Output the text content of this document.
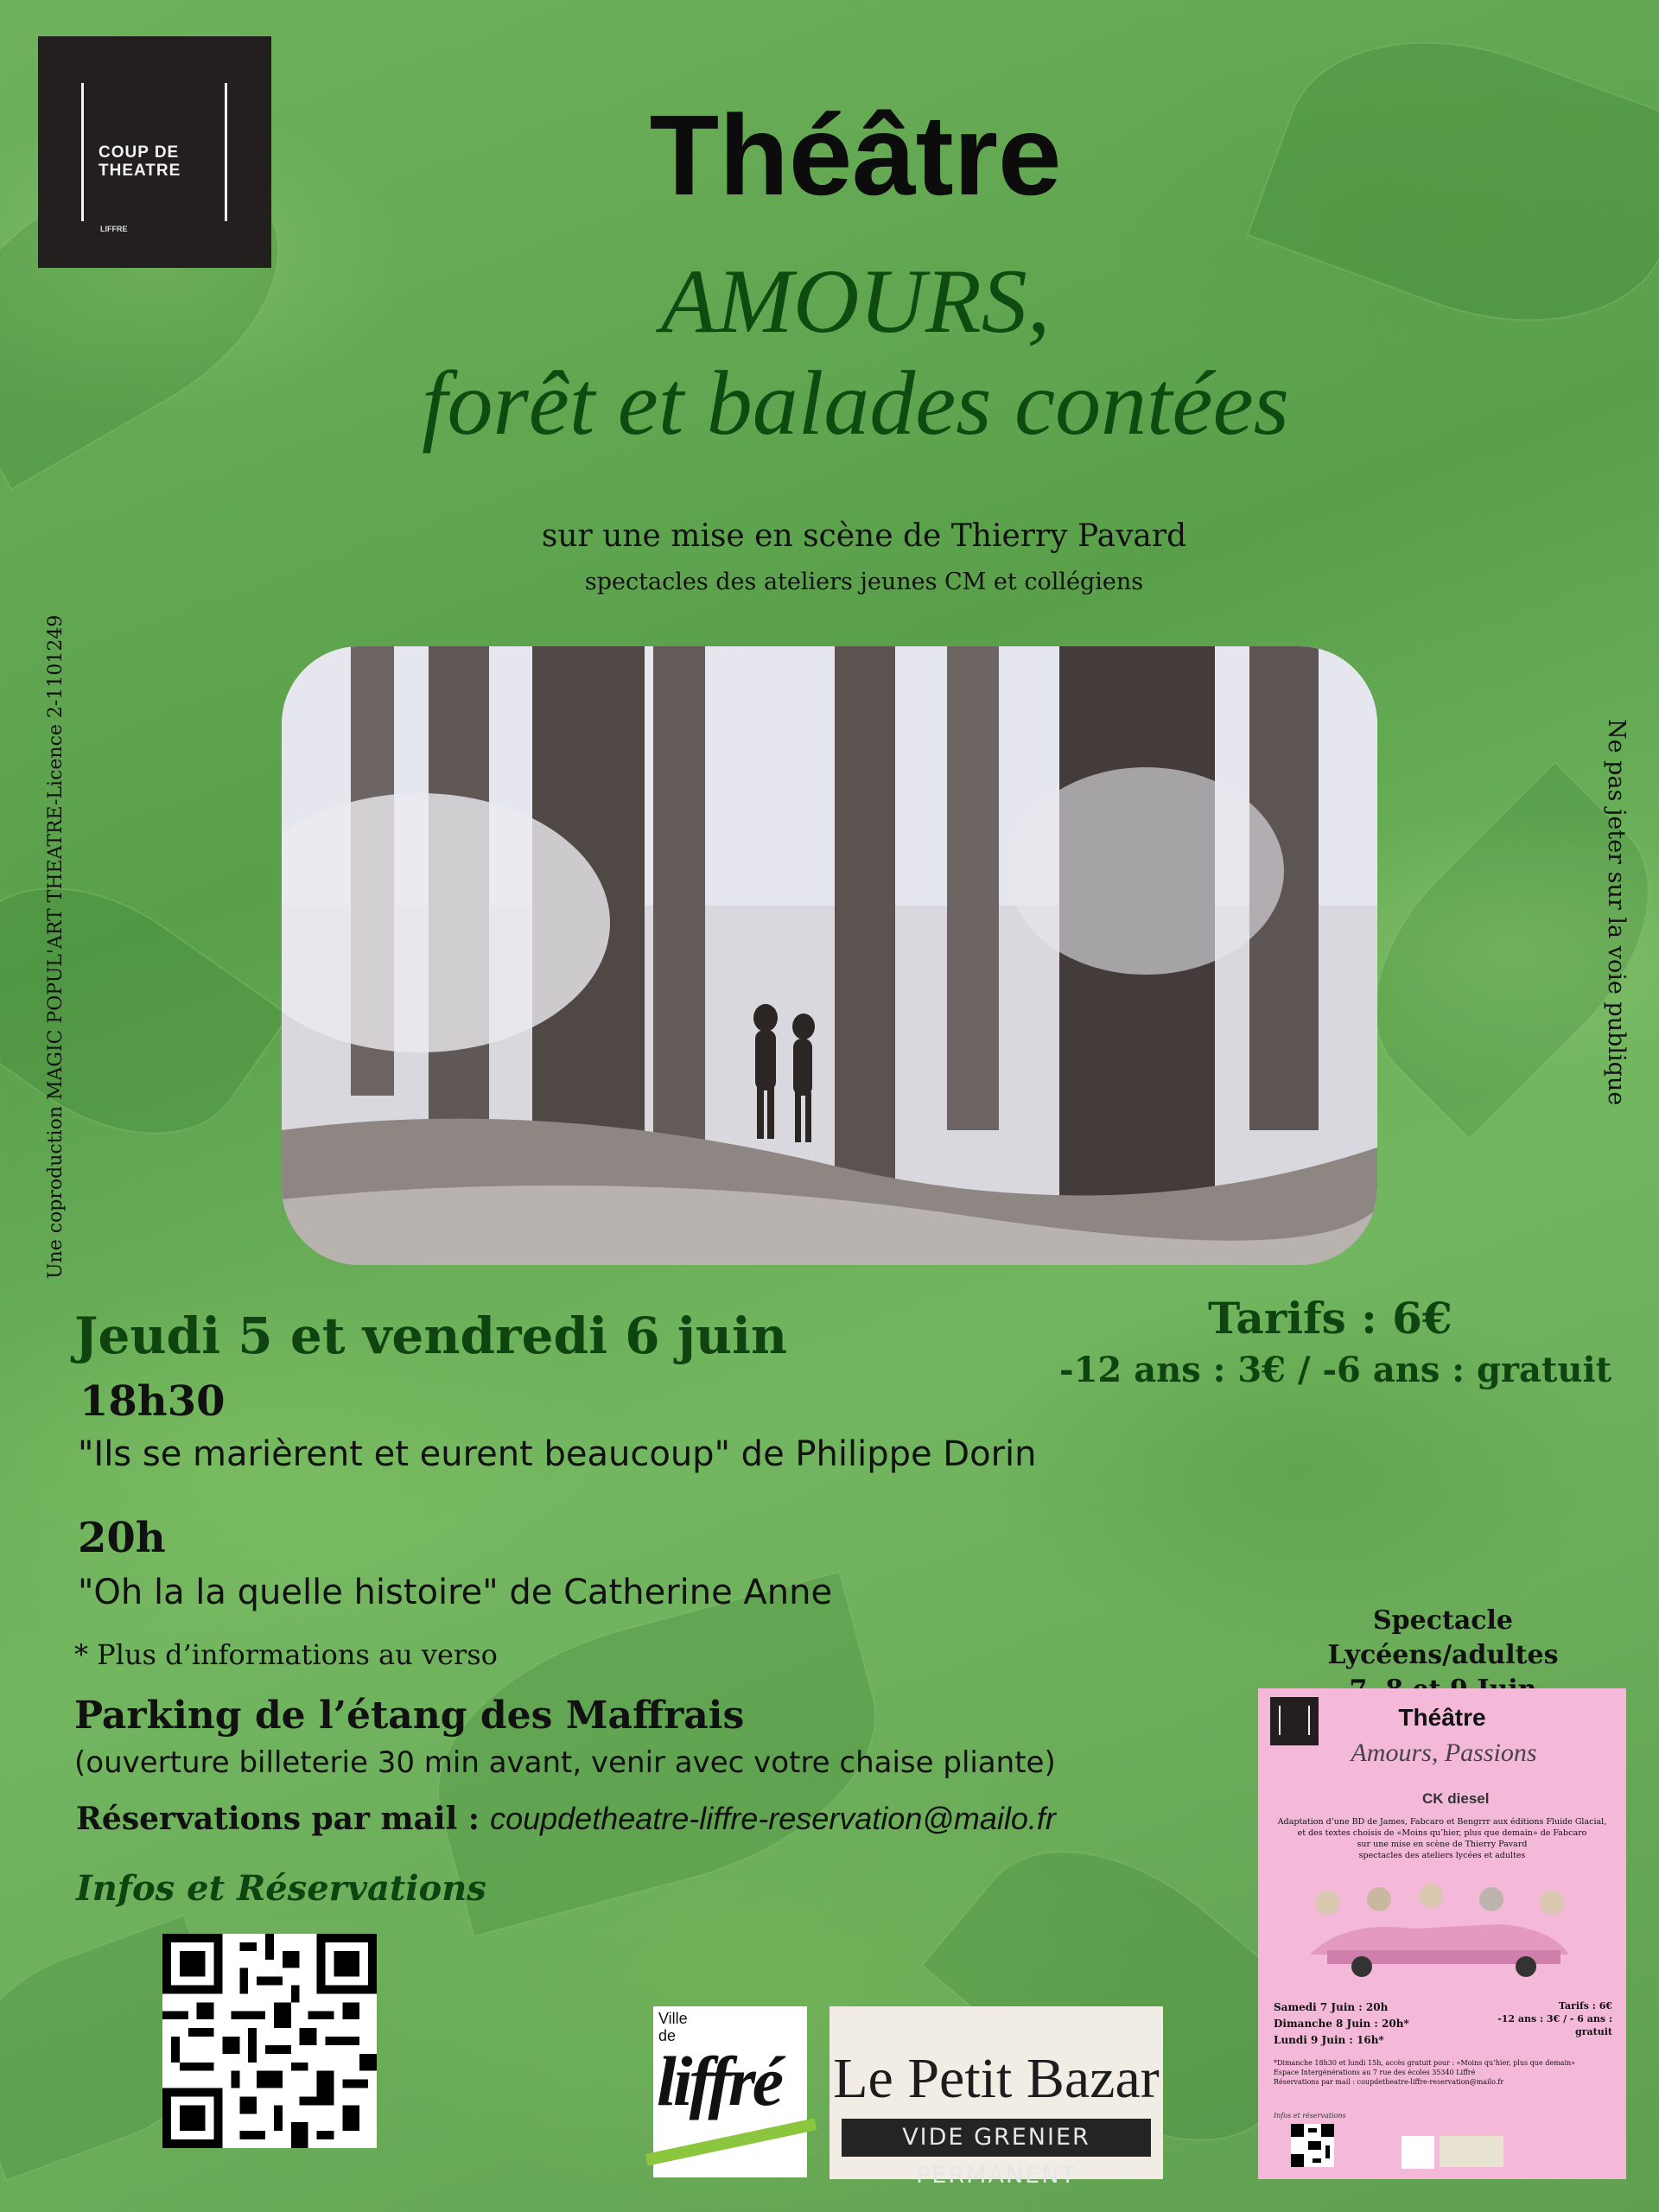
COUP DE THEATRE
LIFFRE
Théâtre
AMOURS,
forêt et balades contées
sur une mise en scène de Thierry Pavard
spectacles des ateliers jeunes CM et collégiens
Une coproduction MAGIC POPUL'ART THEATRE-Licence 2-1101249	Ne pas jeter sur la voie publique
Jeudi 5 et vendredi 6 juin
18h30
"Ils se marièrent et eurent beaucoup" de Philippe Dorin
20h
"Oh la la quelle histoire" de Catherine Anne
* Plus d’informations au verso
Parking de l’étang des Maffrais
(ouverture billeterie 30 min avant, venir avec votre chaise pliante)
Réservations par mail : coupdetheatre-liffre-reservation@mailo.fr
Infos et Réservations
Tarifs : 6€
-12 ans : 3€ / -6 ans : gratuit
Spectacle Lycéens/adultes
Théâtre
Amours, Passions
CK diesel
Adaptation d’une BD de James, Fabcaro et Bengrrr aux éditions Fluide Glacial,
et des textes choisis de «Moins qu’hier, plus que demain» de Fabcaro
sur une mise en scène de Thierry Pavard
spectacles des ateliers lycées et adultes
Samedi 7 Juin : 20h
Dimanche 8 Juin : 20h*
Lundi 9 Juin : 16h*
Tarifs : 6€
-12 ans : 3€ / - 6 ans : gratuit
*Dimanche 18h30 et lundi 15h, accès gratuit pour : «Moins qu’hier, plus que demain»
Espace Intergénérations au 7 rue des écoles 35340 Liffré
Réservations par mail : coupdetheatre-liffre-reservation@mailo.fr
Infos et réservations
Ville de
liffré Le Petit Bazar
VIDE GRENIER PERMANENT
